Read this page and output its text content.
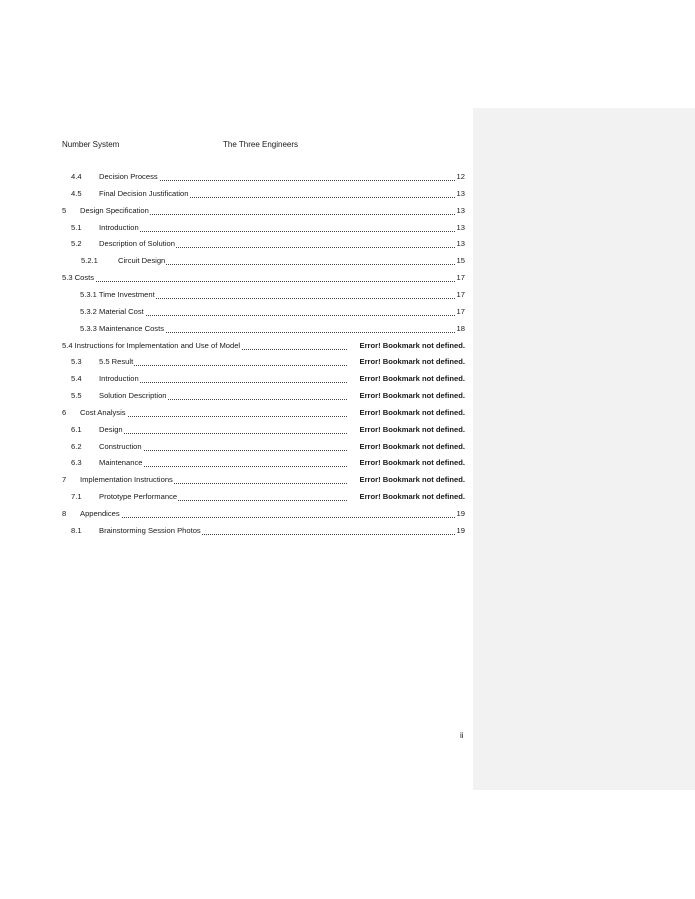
Number System	The Three Engineers
4.4 Decision Process	12
4.5 Final Decision Justification	13
5 Design Specification	13
5.1 Introduction	13
5.2 Description of Solution	13
5.2.1	Circuit Design	15
5.3 Costs	17
5.3.1 Time Investment	17
5.3.2 Material Cost	17
5.3.3 Maintenance Costs	18
5.4 Instructions for Implementation and Use of Model	Error! Bookmark not defined.
5.3 5.5 Result	Error! Bookmark not defined.
5.4 Introduction	Error! Bookmark not defined.
5.5 Solution Description	Error! Bookmark not defined.
6 Cost Analysis	Error! Bookmark not defined.
6.1 Design	Error! Bookmark not defined.
6.2 Construction	Error! Bookmark not defined.
6.3 Maintenance	Error! Bookmark not defined.
7 Implementation Instructions	Error! Bookmark not defined.
7.1 Prototype Performance	Error! Bookmark not defined.
8 Appendices	19
8.1 Brainstorming Session Photos	19
ii
